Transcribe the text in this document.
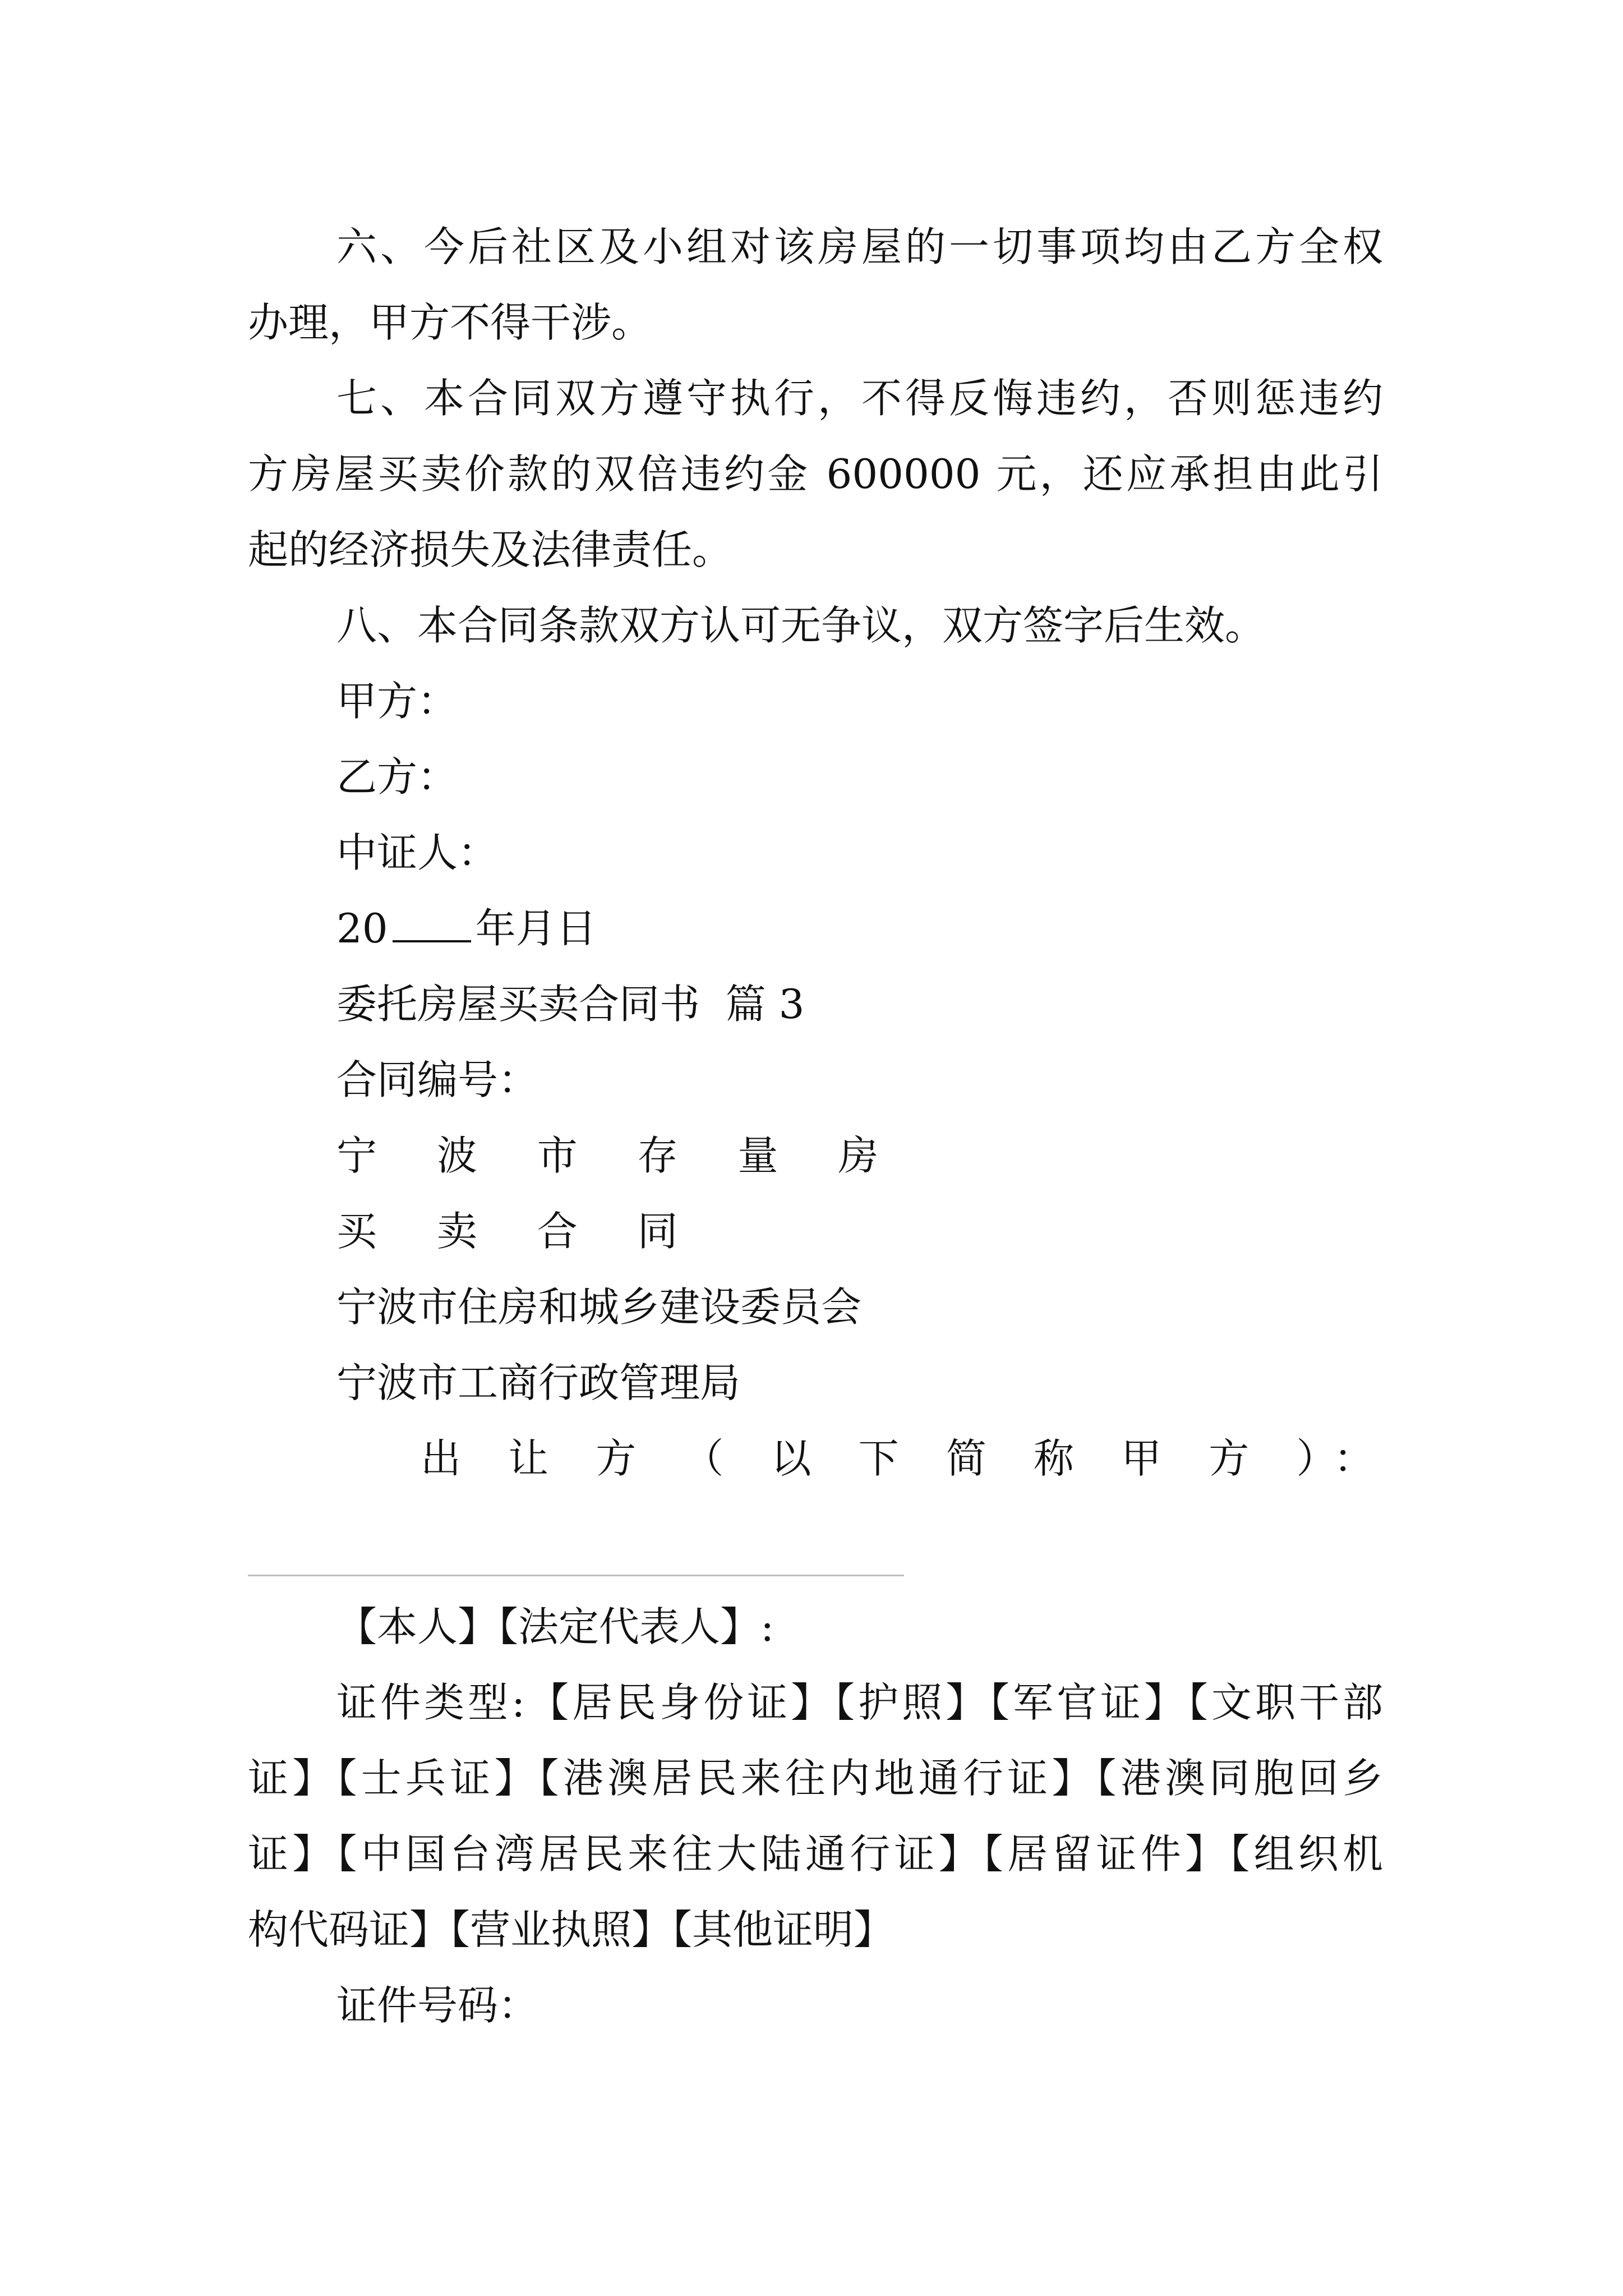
六、今后社区及小组对该房屋的一切事项均由乙方全权
办理，甲方不得干涉。
七、本合同双方遵守执行，不得反悔违约，否则惩违约
方房屋买卖价款的双倍违约金 600000 元，还应承担由此引
起的经济损失及法律责任。
八、本合同条款双方认可无争议，双方签字后生效。
甲方：
乙方：
中证人：
20 年月日
委托房屋买卖合同书  篇 3
合同编号：
宁 波 市 存 量 房
买 卖 合 同
宁波市住房和城乡建设委员会
宁波市工商行政管理局
出 让 方 （ 以 下 简 称 甲 方 ）：
【本人】【法定代表人】:
证件类型:【居民身份证】【护照】【军官证】【文职干部
证】【士兵证】【港澳居民来往内地通行证】【港澳同胞回乡
证】【中国台湾居民来往大陆通行证】【居留证件】【组织机
构代码证】【营业执照】【其他证明】
证件号码：
